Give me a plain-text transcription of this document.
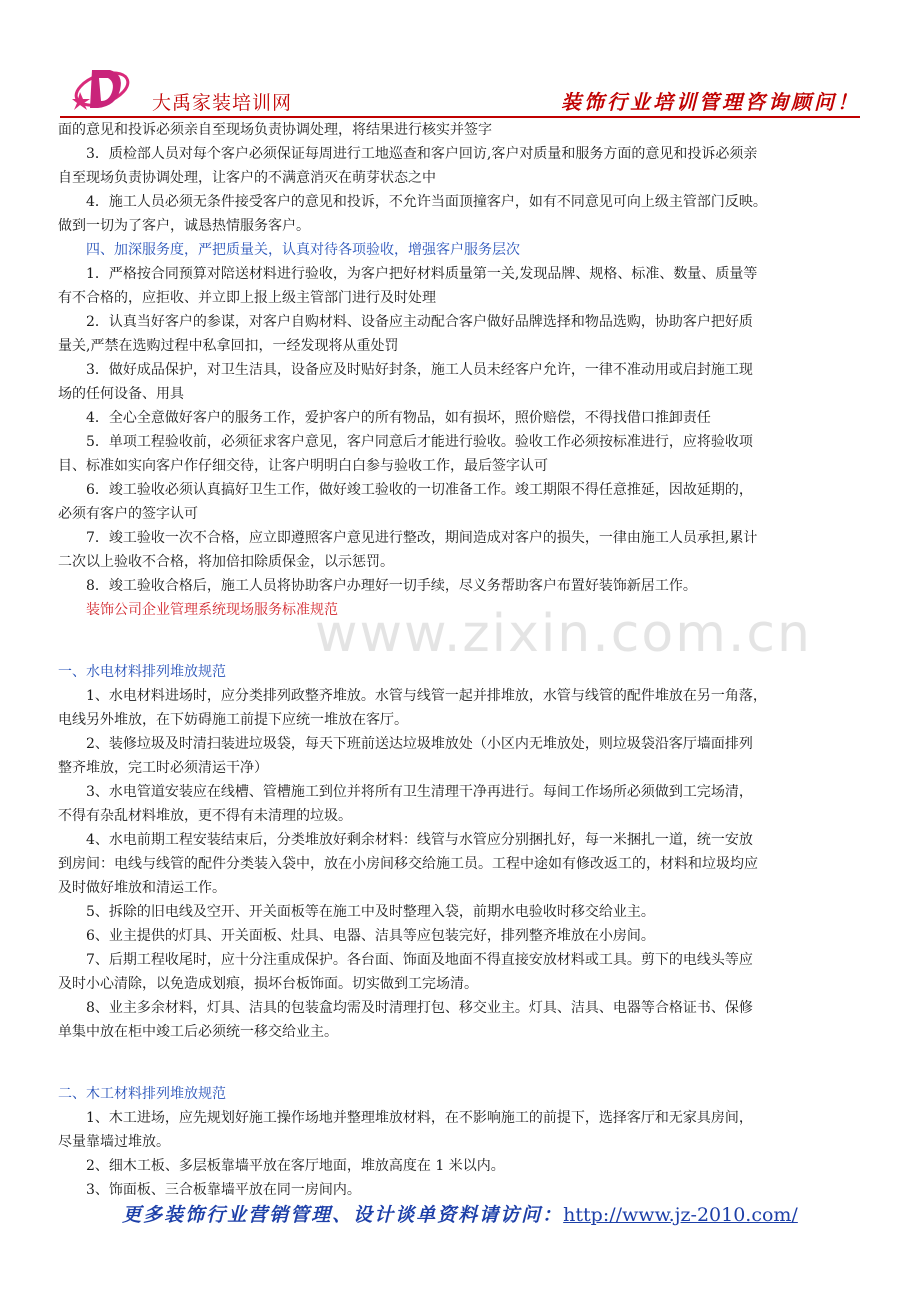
大禹家装培训网	装饰行业培训管理咨询顾问！
www.zixin.com.cn

面的意见和投诉必须亲自至现场负责协调处理，将结果进行核实并签字

3．质检部人员对每个客户必须保证每周进行工地巡查和客户回访,客户对质量和服务方面的意见和投诉必须亲

自至现场负责协调处理，让客户的不满意消灭在萌芽状态之中

4．施工人员必须无条件接受客户的意见和投诉，不允许当面顶撞客户，如有不同意见可向上级主管部门反映。

做到一切为了客户，诚恳热情服务客户。

四、加深服务度，严把质量关，认真对待各项验收，增强客户服务层次

1．严格按合同预算对陪送材料进行验收，为客户把好材料质量第一关,发现品牌、规格、标准、数量、质量等

有不合格的，应拒收、并立即上报上级主管部门进行及时处理

2．认真当好客户的参谋，对客户自购材料、设备应主动配合客户做好品牌选择和物品选购，协助客户把好质

量关,严禁在选购过程中私拿回扣，一经发现将从重处罚

3．做好成品保护，对卫生洁具，设备应及时贴好封条，施工人员未经客户允许，一律不准动用或启封施工现

场的任何设备、用具

4．全心全意做好客户的服务工作，爱护客户的所有物品，如有损坏，照价赔偿，不得找借口推卸责任

5．单项工程验收前，必须征求客户意见，客户同意后才能进行验收。验收工作必须按标准进行，应将验收项

目、标准如实向客户作仔细交待，让客户明明白白参与验收工作，最后签字认可

6．竣工验收必须认真搞好卫生工作，做好竣工验收的一切准备工作。竣工期限不得任意推延，因故延期的，

必须有客户的签字认可

7．竣工验收一次不合格，应立即遵照客户意见进行整改，期间造成对客户的损失，一律由施工人员承担,累计

二次以上验收不合格，将加倍扣除质保金，以示惩罚。

8．竣工验收合格后，施工人员将协助客户办理好一切手续，尽义务帮助客户布置好装饰新居工作。

装饰公司企业管理系统现场服务标准规范

一、水电材料排列堆放规范

1、水电材料进场时，应分类排列政整齐堆放。水管与线管一起并排堆放，水管与线管的配件堆放在另一角落，

电线另外堆放，在下妨碍施工前提下应统一堆放在客厅。

2、装修垃圾及时清扫装进垃圾袋，每天下班前送达垃圾堆放处（小区内无堆放处，则垃圾袋沿客厅墙面排列

整齐堆放，完工时必须清运干净）

3、水电管道安装应在线槽、管槽施工到位并将所有卫生清理干净再进行。每间工作场所必须做到工完场清，

不得有杂乱材料堆放，更不得有未清理的垃圾。

4、水电前期工程安装结束后，分类堆放好剩余材料：线管与水管应分别捆扎好，每一米捆扎一道，统一安放

到房间：电线与线管的配件分类装入袋中，放在小房间移交给施工员。工程中途如有修改返工的，材料和垃圾均应

及时做好堆放和清运工作。

5、拆除的旧电线及空开、开关面板等在施工中及时整理入袋，前期水电验收时移交给业主。

6、业主提供的灯具、开关面板、灶具、电器、洁具等应包装完好，排列整齐堆放在小房间。

7、后期工程收尾时，应十分注重成保护。各台面、饰面及地面不得直接安放材料或工具。剪下的电线头等应

及时小心清除，以免造成划痕，损坏台板饰面。切实做到工完场清。

8、业主多余材料，灯具、洁具的包装盒均需及时清理打包、移交业主。灯具、洁具、电器等合格证书、保修

单集中放在柜中竣工后必须统一移交给业主。

二、木工材料排列堆放规范

1、木工进场，应先规划好施工操作场地并整理堆放材料，在不影响施工的前提下，选择客厅和无家具房间，

尽量靠墙过堆放。

2、细木工板、多层板靠墙平放在客厅地面，堆放高度在 1 米以内。

3、饰面板、三合板靠墙平放在同一房间内。

更多装饰行业营销管理、设计谈单资料请访问：http://www.jz-2010.com/
